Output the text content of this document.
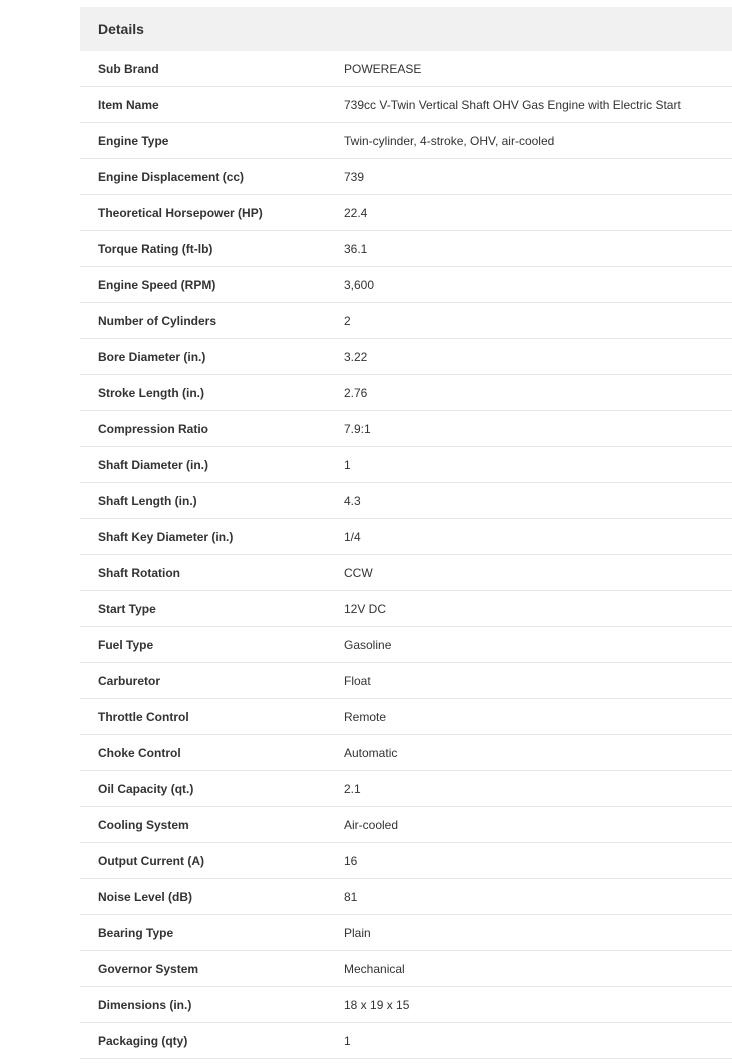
Details
Sub Brand	POWEREASE
Item Name	739cc V-Twin Vertical Shaft OHV Gas Engine with Electric Start
Engine Type	Twin-cylinder, 4-stroke, OHV, air-cooled
Engine Displacement (cc)	739
Theoretical Horsepower (HP)	22.4
Torque Rating (ft-lb)	36.1
Engine Speed (RPM)	3,600
Number of Cylinders	2
Bore Diameter (in.)	3.22
Stroke Length (in.)	2.76
Compression Ratio	7.9:1
Shaft Diameter (in.)	1
Shaft Length (in.)	4.3
Shaft Key Diameter (in.)	1/4
Shaft Rotation	CCW
Start Type	12V DC
Fuel Type	Gasoline
Carburetor	Float
Throttle Control	Remote
Choke Control	Automatic
Oil Capacity (qt.)	2.1
Cooling System	Air-cooled
Output Current (A)	16
Noise Level (dB)	81
Bearing Type	Plain
Governor System	Mechanical
Dimensions (in.)	18 x 19 x 15
Packaging (qty)	1
